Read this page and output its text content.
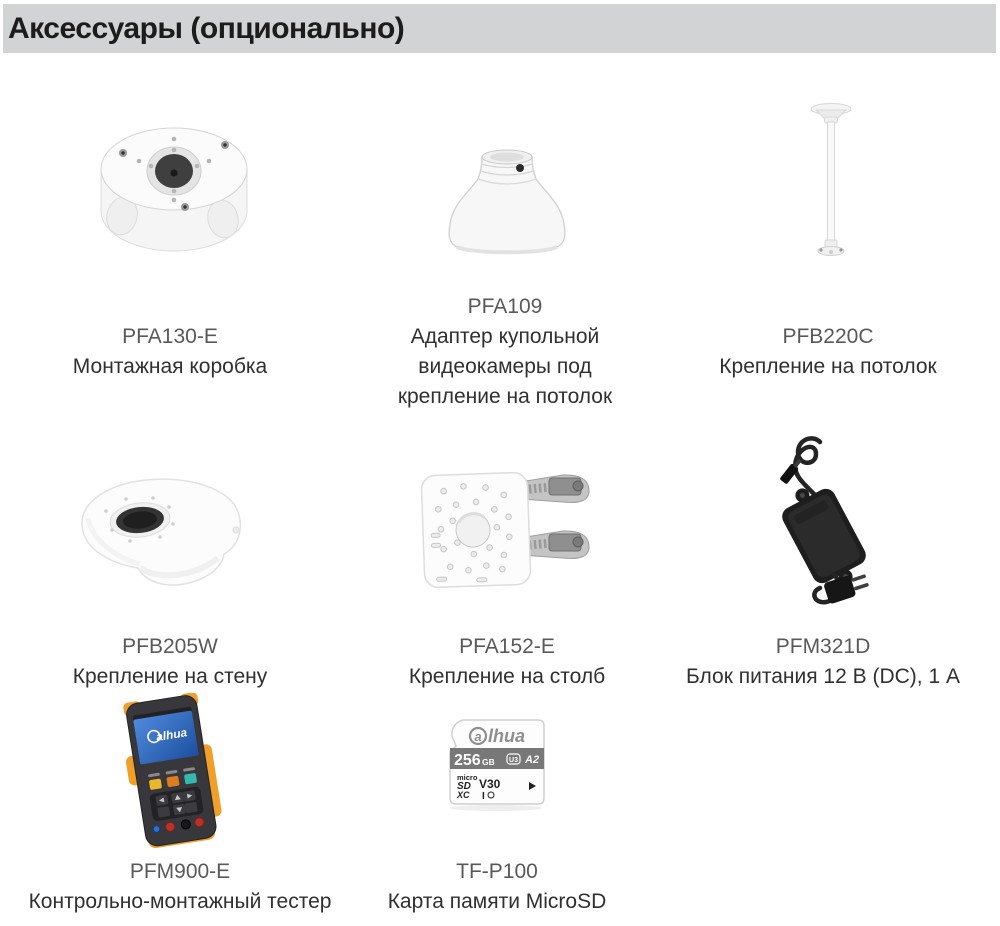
Аксессуары (опционально)
PFA130-E
Монтажная коробка
PFA109
Адаптер купольной видеокамеры под крепление на потолок
PFB220C
Крепление на потолок
PFB205W
Крепление на стену
PFA152-E
Крепление на столб
PFM321D
Блок питания 12 В (DC), 1 А
alhua
PFM900-E
Контрольно-монтажный тестер
a lhua
256 GB U3 A2
micro
SD
XC
V30
I
TF-P100
Карта памяти MicroSD
